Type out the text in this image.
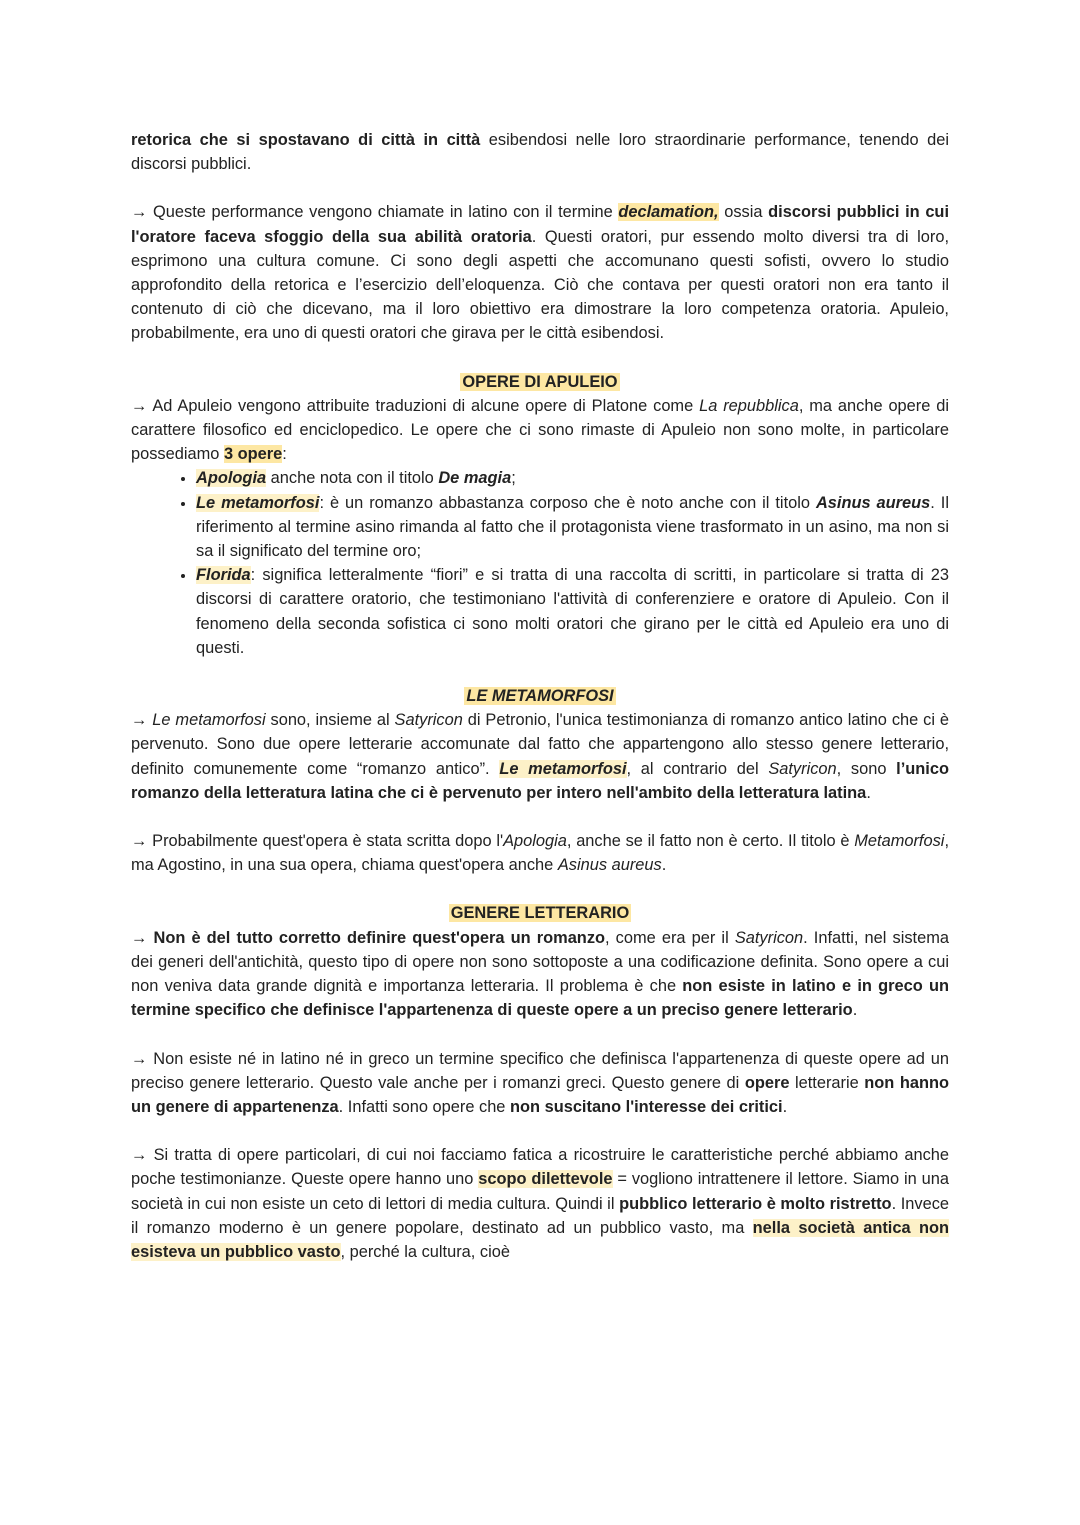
retorica che si spostavano di città in città esibendosi nelle loro straordinarie performance, tenendo dei discorsi pubblici.

→ Queste performance vengono chiamate in latino con il termine declamation, ossia discorsi pubblici in cui l'oratore faceva sfoggio della sua abilità oratoria. Questi oratori, pur essendo molto diversi tra di loro, esprimono una cultura comune. Ci sono degli aspetti che accomunano questi sofisti, ovvero lo studio approfondito della retorica e l’esercizio dell’eloquenza. Ciò che contava per questi oratori non era tanto il contenuto di ciò che dicevano, ma il loro obiettivo era dimostrare la loro competenza oratoria. Apuleio, probabilmente, era uno di questi oratori che girava per le città esibendosi.

OPERE DI APULEIO

→ Ad Apuleio vengono attribuite traduzioni di alcune opere di Platone come La repubblica, ma anche opere di carattere filosofico ed enciclopedico. Le opere che ci sono rimaste di Apuleio non sono molte, in particolare possediamo 3 opere:

• Apologia anche nota con il titolo De magia;
• Le metamorfosi: è un romanzo abbastanza corposo che è noto anche con il titolo Asinus aureus. Il riferimento al termine asino rimanda al fatto che il protagonista viene trasformato in un asino, ma non si sa il significato del termine oro;
• Florida: significa letteralmente “fiori” e si tratta di una raccolta di scritti, in particolare si tratta di 23 discorsi di carattere oratorio, che testimoniano l'attività di conferenziere e oratore di Apuleio. Con il fenomeno della seconda sofistica ci sono molti oratori che girano per le città ed Apuleio era uno di questi.

LE METAMORFOSI

→ Le metamorfosi sono, insieme al Satyricon di Petronio, l'unica testimonianza di romanzo antico latino che ci è pervenuto. Sono due opere letterarie accomunate dal fatto che appartengono allo stesso genere letterario, definito comunemente come “romanzo antico”. Le metamorfosi, al contrario del Satyricon, sono l’unico romanzo della letteratura latina che ci è pervenuto per intero nell'ambito della letteratura latina.

→ Probabilmente quest'opera è stata scritta dopo l'Apologia, anche se il fatto non è certo. Il titolo è Metamorfosi, ma Agostino, in una sua opera, chiama quest'opera anche Asinus aureus.

GENERE LETTERARIO

→ Non è del tutto corretto definire quest'opera un romanzo, come era per il Satyricon. Infatti, nel sistema dei generi dell'antichità, questo tipo di opere non sono sottoposte a una codificazione definita. Sono opere a cui non veniva data grande dignità e importanza letteraria. Il problema è che non esiste in latino e in greco un termine specifico che definisce l'appartenenza di queste opere a un preciso genere letterario.

→ Non esiste né in latino né in greco un termine specifico che definisca l'appartenenza di queste opere ad un preciso genere letterario. Questo vale anche per i romanzi greci. Questo genere di opere letterarie non hanno un genere di appartenenza. Infatti sono opere che non suscitano l'interesse dei critici.

→ Si tratta di opere particolari, di cui noi facciamo fatica a ricostruire le caratteristiche perché abbiamo anche poche testimonianze. Queste opere hanno uno scopo dilettevole = vogliono intrattenere il lettore. Siamo in una società in cui non esiste un ceto di lettori di media cultura. Quindi il pubblico letterario è molto ristretto. Invece il romanzo moderno è un genere popolare, destinato ad un pubblico vasto, ma nella società antica non esisteva un pubblico vasto, perché la cultura, cioè
